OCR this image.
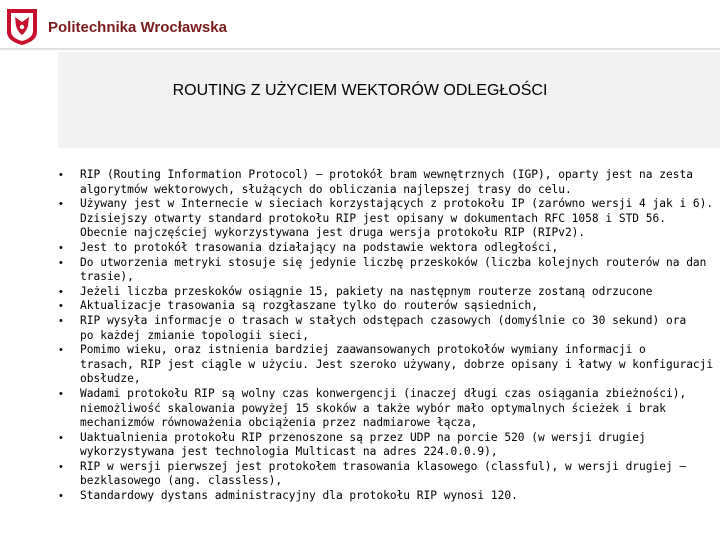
Politechnika Wrocławska
ROUTING Z UŻYCIEM WEKTORÓW ODLEGŁOŚCI
• RIP (Routing Information Protocol) – protokół bram wewnętrznych (IGP), oparty jest na zesta
algorytmów wektorowych, służących do obliczania najlepszej trasy do celu.
• Używany jest w Internecie w sieciach korzystających z protokołu IP (zarówno wersji 4 jak i 6).
Dzisiejszy otwarty standard protokołu RIP jest opisany w dokumentach RFC 1058 i STD 56.
Obecnie najczęściej wykorzystywana jest druga wersja protokołu RIP (RIPv2).
• Jest to protokół trasowania działający na podstawie wektora odległości,
• Do utworzenia metryki stosuje się jedynie liczbę przeskoków (liczba kolejnych routerów na dan
trasie),
• Jeżeli liczba przeskoków osiągnie 15, pakiety na następnym routerze zostaną odrzucone
• Aktualizacje trasowania są rozgłaszane tylko do routerów sąsiednich,
• RIP wysyła informacje o trasach w stałych odstępach czasowych (domyślnie co 30 sekund) ora
po każdej zmianie topologii sieci,
• Pomimo wieku, oraz istnienia bardziej zaawansowanych protokołów wymiany informacji o
trasach, RIP jest ciągle w użyciu. Jest szeroko używany, dobrze opisany i łatwy w konfiguracji
obsłudze,
• Wadami protokołu RIP są wolny czas konwergencji (inaczej długi czas osiągania zbieżności),
niemożliwość skalowania powyżej 15 skoków a także wybór mało optymalnych ścieżek i brak
mechanizmów równoważenia obciążenia przez nadmiarowe łącza,
• Uaktualnienia protokołu RIP przenoszone są przez UDP na porcie 520 (w wersji drugiej
wykorzystywana jest technologia Multicast na adres 224.0.0.9),
• RIP w wersji pierwszej jest protokołem trasowania klasowego (classful), w wersji drugiej –
bezklasowego (ang. classless),
• Standardowy dystans administracyjny dla protokołu RIP wynosi 120.
